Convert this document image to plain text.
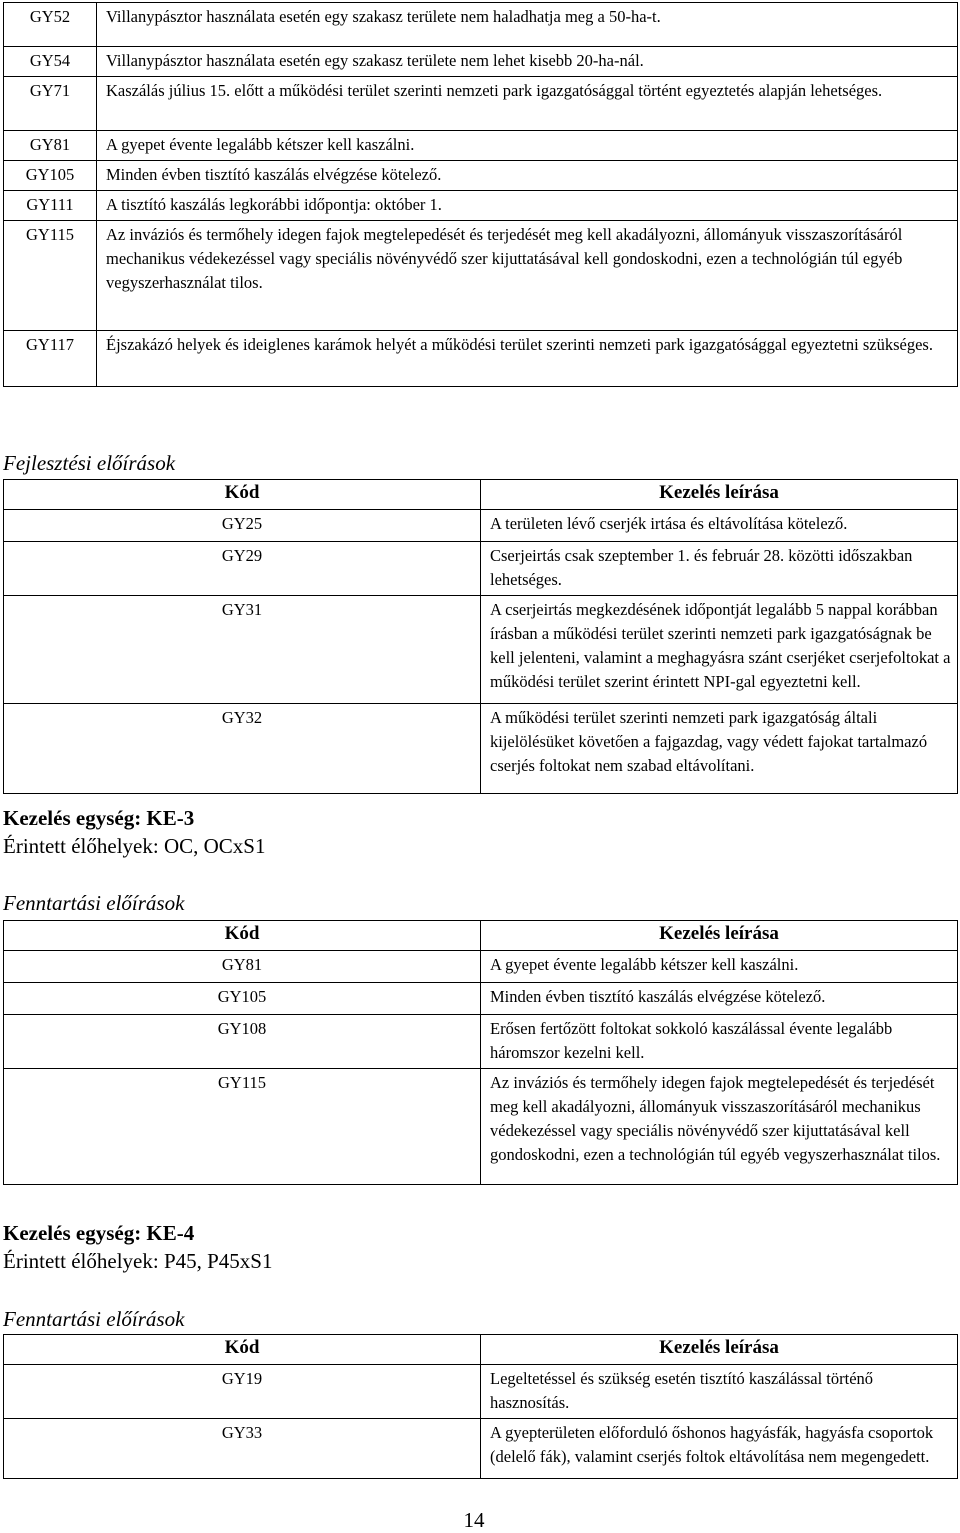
GY52	Villanypásztor használata esetén egy szakasz területe nem haladhatja meg a 50-ha-t.
GY54	Villanypásztor használata esetén egy szakasz területe nem lehet kisebb 20-ha-nál.
GY71	Kaszálás július 15. előtt a működési terület szerinti nemzeti park igazgatósággal történt egyeztetés alapján lehetséges.
GY81	A gyepet évente legalább kétszer kell kaszálni.
GY105	Minden évben tisztító kaszálás elvégzése kötelező.
GY111	A tisztító kaszálás legkorábbi időpontja: október 1.
GY115	Az inváziós és termőhely idegen fajok megtelepedését és terjedését meg kell akadályozni, állományuk visszaszorításáról mechanikus védekezéssel vagy speciális növényvédő szer kijuttatásával kell gondoskodni, ezen a technológián túl egyéb vegyszerhasználat tilos.
GY117	Éjszakázó helyek és ideiglenes karámok helyét a működési terület szerinti nemzeti park igazgatósággal egyeztetni szükséges.
Fejlesztési előírások
Kód	Kezelés leírása
GY25	A területen lévő cserjék irtása és eltávolítása kötelező.
GY29	Cserjeirtás csak szeptember 1. és február 28. közötti időszakban lehetséges.
GY31	A cserjeirtás megkezdésének időpontját legalább 5 nappal korábban írásban a működési terület szerinti nemzeti park igazgatóságnak be kell jelenteni, valamint a meghagyásra szánt cserjéket cserjefoltokat a működési terület szerint érintett NPI-gal egyeztetni kell.
GY32	A működési terület szerinti nemzeti park igazgatóság általi kijelölésüket követően a fajgazdag, vagy védett fajokat tartalmazó cserjés foltokat nem szabad eltávolítani.
Kezelés egység: KE-3
Érintett élőhelyek: OC, OCxS1
Fenntartási előírások
Kód	Kezelés leírása
GY81	A gyepet évente legalább kétszer kell kaszálni.
GY105	Minden évben tisztító kaszálás elvégzése kötelező.
GY108	Erősen fertőzött foltokat sokkoló kaszálással évente legalább háromszor kezelni kell.
GY115	Az inváziós és termőhely idegen fajok megtelepedését és terjedését meg kell akadályozni, állományuk visszaszorításáról mechanikus védekezéssel vagy speciális növényvédő szer kijuttatásával kell gondoskodni, ezen a technológián túl egyéb vegyszerhasználat tilos.
Kezelés egység: KE-4
Érintett élőhelyek: P45, P45xS1
Fenntartási előírások
Kód	Kezelés leírása
GY19	Legeltetéssel és szükség esetén tisztító kaszálással történő hasznosítás.
GY33	A gyepterületen előforduló őshonos hagyásfák, hagyásfa csoportok (delelő fák), valamint cserjés foltok eltávolítása nem megengedett.
14
